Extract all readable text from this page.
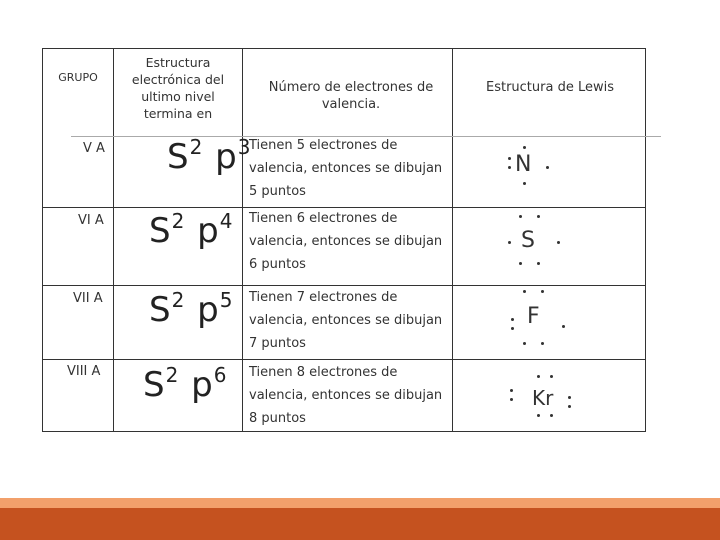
GRUPO
Estructura electrónica del ultimo nivel termina en
Número de electrones de valencia.
Estructura de Lewis
V A $S^2$ $p^3$
Tienen 5 electrones de valencia, entonces se dibujan 5 puntos
VI A $S^2$ $p^4$ Tienen 6 electrones de valencia, entonces se dibujan 6 puntos
VII A $S^2$ $p^5$ Tienen 7 electrones de valencia, entonces se dibujan 7 puntos
VIII A $S^2$ $p^6$ Tienen 8 electrones de valencia, entonces se dibujan 8 puntos
N
S
F
Kr
